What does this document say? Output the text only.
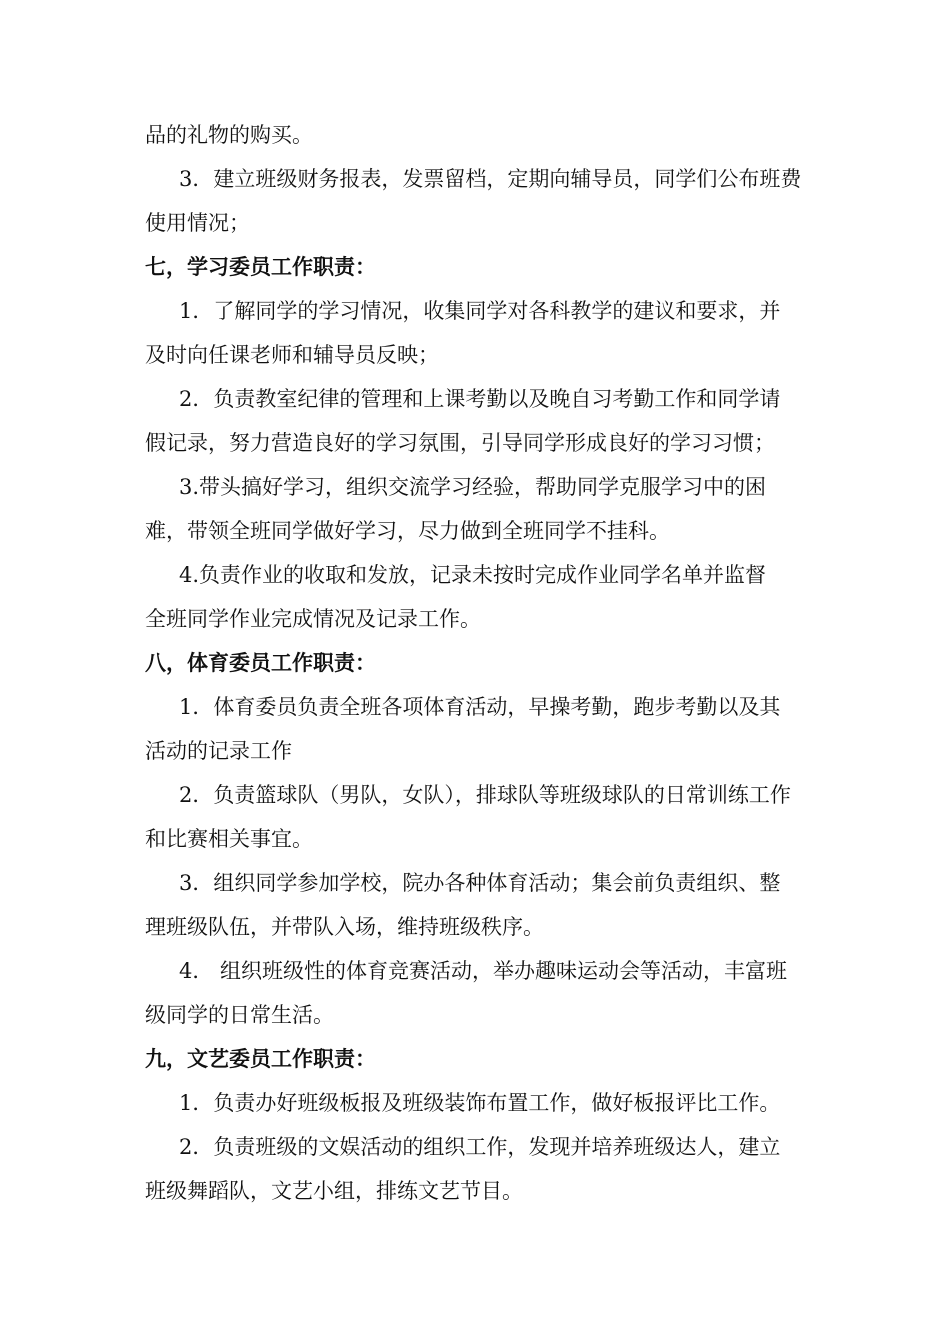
品的礼物的购买。
3．建立班级财务报表，发票留档，定期向辅导员，同学们公布班费
使用情况；
七，学习委员工作职责：
1．了解同学的学习情况，收集同学对各科教学的建议和要求，并
及时向任课老师和辅导员反映；
2．负责教室纪律的管理和上课考勤以及晚自习考勤工作和同学请
假记录，努力营造良好的学习氛围，引导同学形成良好的学习习惯；
3.带头搞好学习，组织交流学习经验，帮助同学克服学习中的困
难，带领全班同学做好学习，尽力做到全班同学不挂科。
4.负责作业的收取和发放，记录未按时完成作业同学名单并监督
全班同学作业完成情况及记录工作。
八，体育委员工作职责：
1．体育委员负责全班各项体育活动，早操考勤，跑步考勤以及其
活动的记录工作
2．负责篮球队（男队，女队），排球队等班级球队的日常训练工作
和比赛相关事宜。
3．组织同学参加学校，院办各种体育活动；集会前负责组织、整
理班级队伍，并带队入场，维持班级秩序。
4． 组织班级性的体育竞赛活动，举办趣味运动会等活动，丰富班
级同学的日常生活。
九，文艺委员工作职责：
1．负责办好班级板报及班级装饰布置工作，做好板报评比工作。
2．负责班级的文娱活动的组织工作，发现并培养班级达人，建立
班级舞蹈队，文艺小组，排练文艺节目。
